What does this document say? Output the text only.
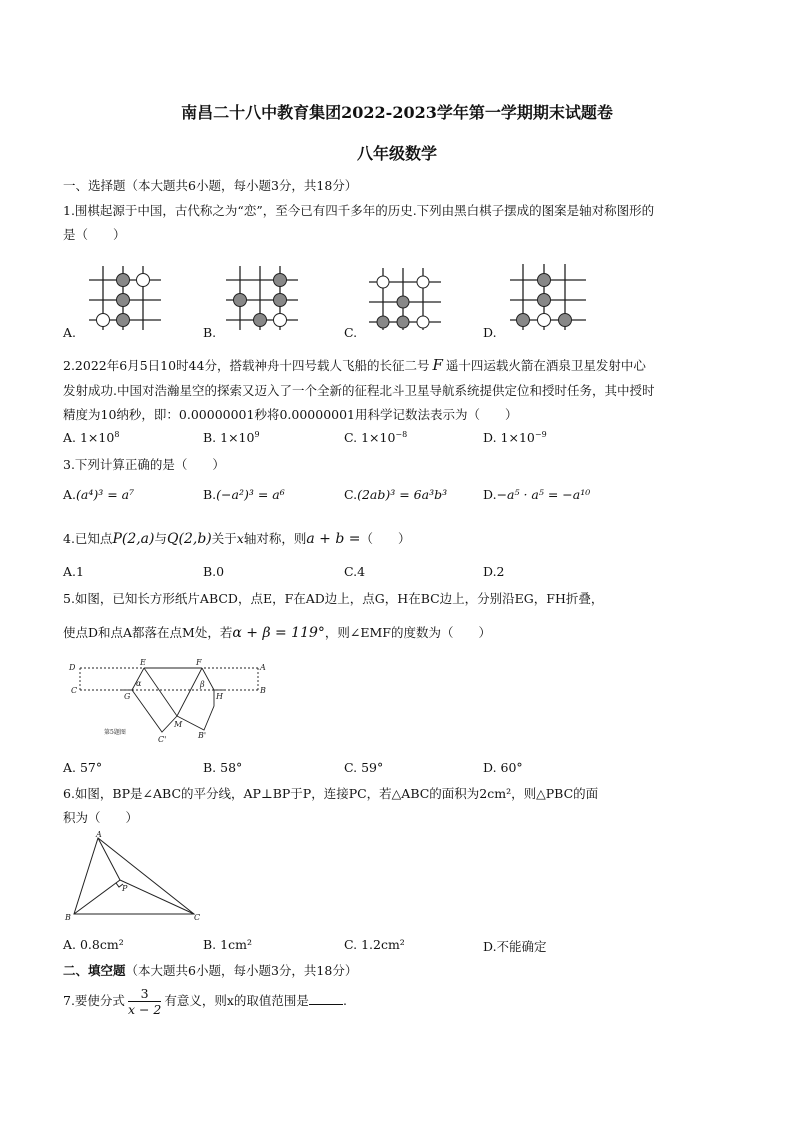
南昌二十八中教育集团2022-2023学年第一学期期末试题卷
八年级数学
一、选择题（本大题共6小题，每小题3分，共18分）
1.围棋起源于中国，古代称之为“恋”，至今已有四千多年的历史.下列由黑白棋子摆成的图案是轴对称图形的
是（　　）
A.	B.	C.	D.
2.2022年6月5日10时44分，搭载神舟十四号载人飞船的长征二号 F 遥十四运载火箭在酒泉卫星发射中心
发射成功.中国对浩瀚星空的探索又迈入了一个全新的征程北斗卫星导航系统提供定位和授时任务，其中授时
精度为10纳秒，即：0.00000001秒将0.00000001用科学记数法表示为（　　）
A. $1\times 10^8$	B. $1\times 10^9$	C. $1\times 10^{-8}$	D. $1\times 10^{-9}$
3.下列计算正确的是（　　）
A.(a⁴)³ = a⁷	B.(−a²)³ = a⁶	C.(2ab)³ = 6a³b³	D.−a⁵ · a⁵ = −a¹⁰
4.已知点P(2,a)与Q(2,b)关于x轴对称，则a + b =（　　）
A.1	B.0	C.4	D.2
5.如图，已知长方形纸片ABCD，点E，F在AD边上，点G，H在BC边上，分别沿EG，FH折叠，
使点D和点A都落在点M处，若α + β = 119°，则∠EMF的度数为（　　）
D
E	F
A
C
G	H
B
M
C'	B'
α	β
第5题图
A. 57°	B. 58°	C. 59°	D. 60°
6.如图，BP是∠ABC的平分线，AP⊥BP于P，连接PC，若△ABC的面积为2cm²，则△PBC的面
积为（　　）
A
B	C
P
A. 0.8cm²	B. 1cm²	C. 1.2cm²	D.不能确定
二、填空题（本大题共6小题，每小题3分，共18分）
7.要使分式 $\frac{3}{x - 2}$ 有意义，则x的取值范围是	.
